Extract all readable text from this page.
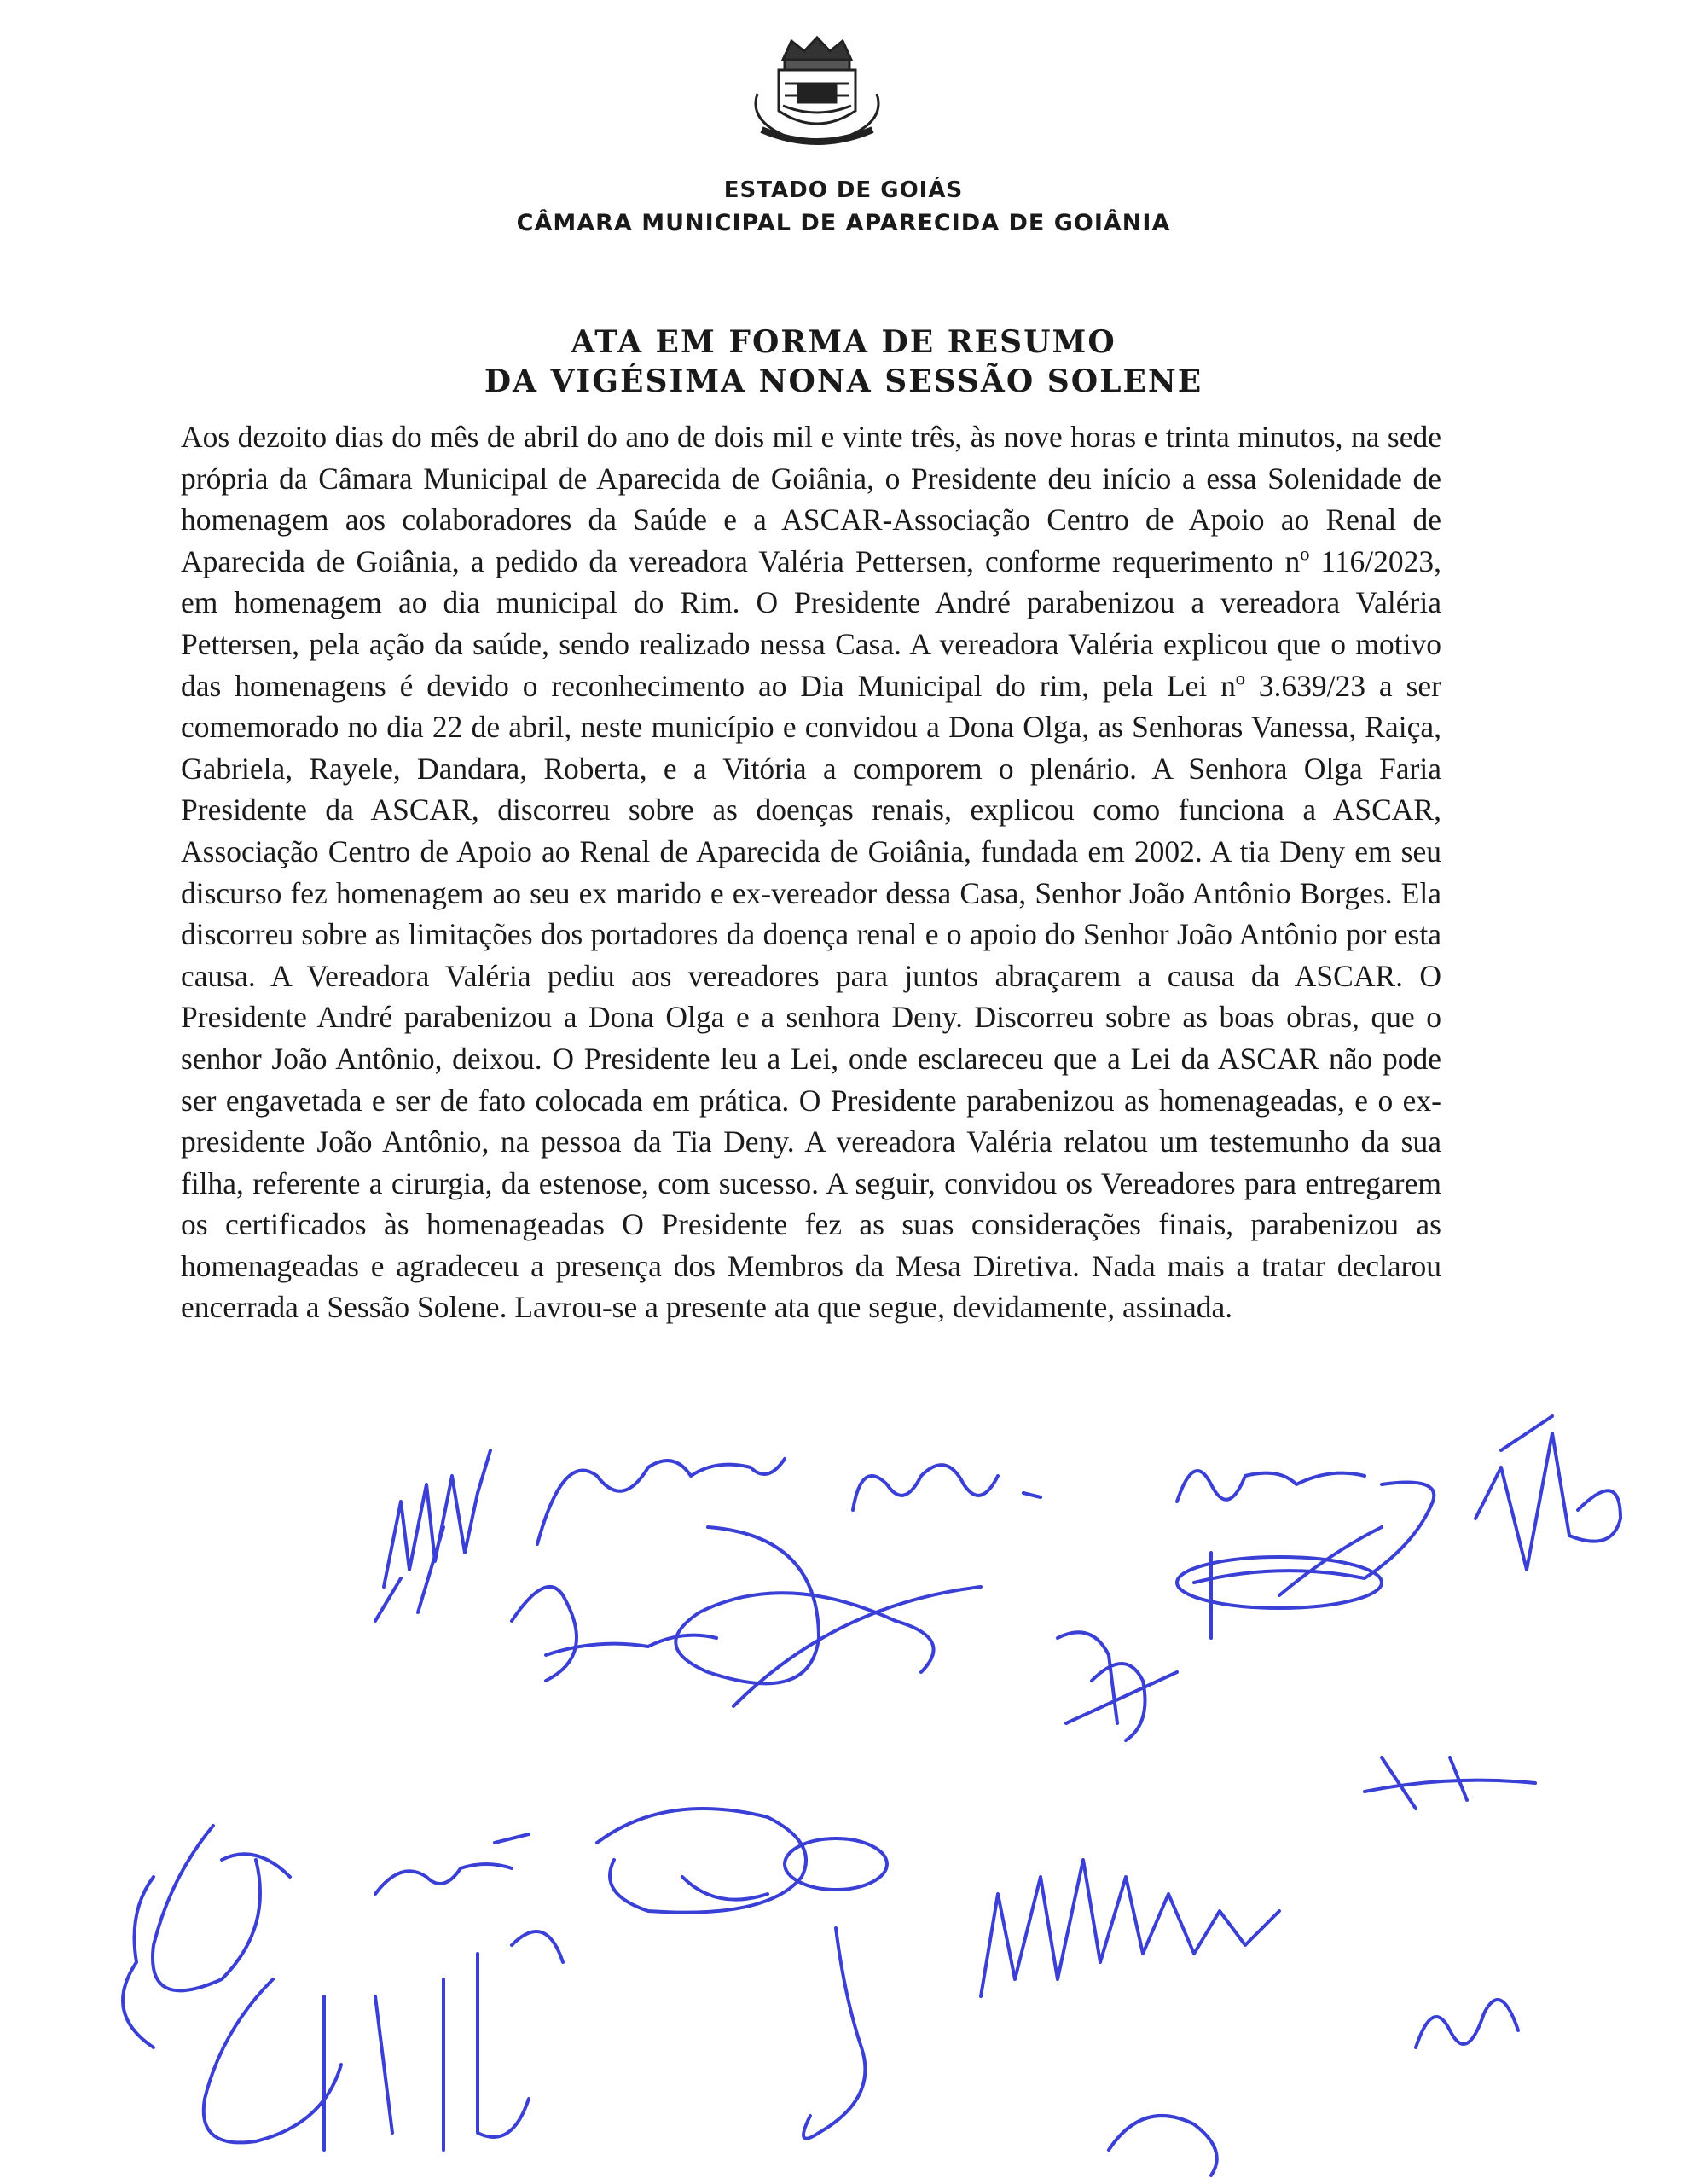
ESTADO DE GOIÁS
CÂMARA MUNICIPAL DE APARECIDA DE GOIÂNIA
ATA EM FORMA DE RESUMO
DA VIGÉSIMA NONA SESSÃO SOLENE

Aos dezoito dias do mês de abril do ano de dois mil e vinte três, às nove horas e trinta minutos, na sede própria da Câmara Municipal de Aparecida de Goiânia, o Presidente deu início a essa Solenidade de homenagem aos colaboradores da Saúde e a ASCAR-Associação Centro de Apoio ao Renal de Aparecida de Goiânia, a pedido da vereadora Valéria Pettersen, conforme requerimento nº 116/2023, em homenagem ao dia municipal do Rim. O Presidente André parabenizou a vereadora Valéria Pettersen, pela ação da saúde, sendo realizado nessa Casa. A vereadora Valéria explicou que o motivo das homenagens é devido o reconhecimento ao Dia Municipal do rim, pela Lei nº 3.639/23 a ser comemorado no dia 22 de abril, neste município e convidou a Dona Olga, as Senhoras Vanessa, Raiça, Gabriela, Rayele, Dandara, Roberta, e a Vitória a comporem o plenário. A Senhora Olga Faria Presidente da ASCAR, discorreu sobre as doenças renais, explicou como funciona a ASCAR, Associação Centro de Apoio ao Renal de Aparecida de Goiânia, fundada em 2002. A tia Deny em seu discurso fez homenagem ao seu ex marido e ex-vereador dessa Casa, Senhor João Antônio Borges. Ela discorreu sobre as limitações dos portadores da doença renal e o apoio do Senhor João Antônio por esta causa. A Vereadora Valéria pediu aos vereadores para juntos abraçarem a causa da ASCAR. O Presidente André parabenizou a Dona Olga e a senhora Deny. Discorreu sobre as boas obras, que o senhor João Antônio, deixou. O Presidente leu a Lei, onde esclareceu que a Lei da ASCAR não pode ser engavetada e ser de fato colocada em prática. O Presidente parabenizou as homenageadas, e o ex-presidente João Antônio, na pessoa da Tia Deny. A vereadora Valéria relatou um testemunho da sua filha, referente a cirurgia, da estenose, com sucesso. A seguir, convidou os Vereadores para entregarem os certificados às homenageadas O Presidente fez as suas considerações finais, parabenizou as homenageadas e agradeceu a presença dos Membros da Mesa Diretiva. Nada mais a tratar declarou encerrada a Sessão Solene. Lavrou-se a presente ata que segue, devidamente, assinada.
